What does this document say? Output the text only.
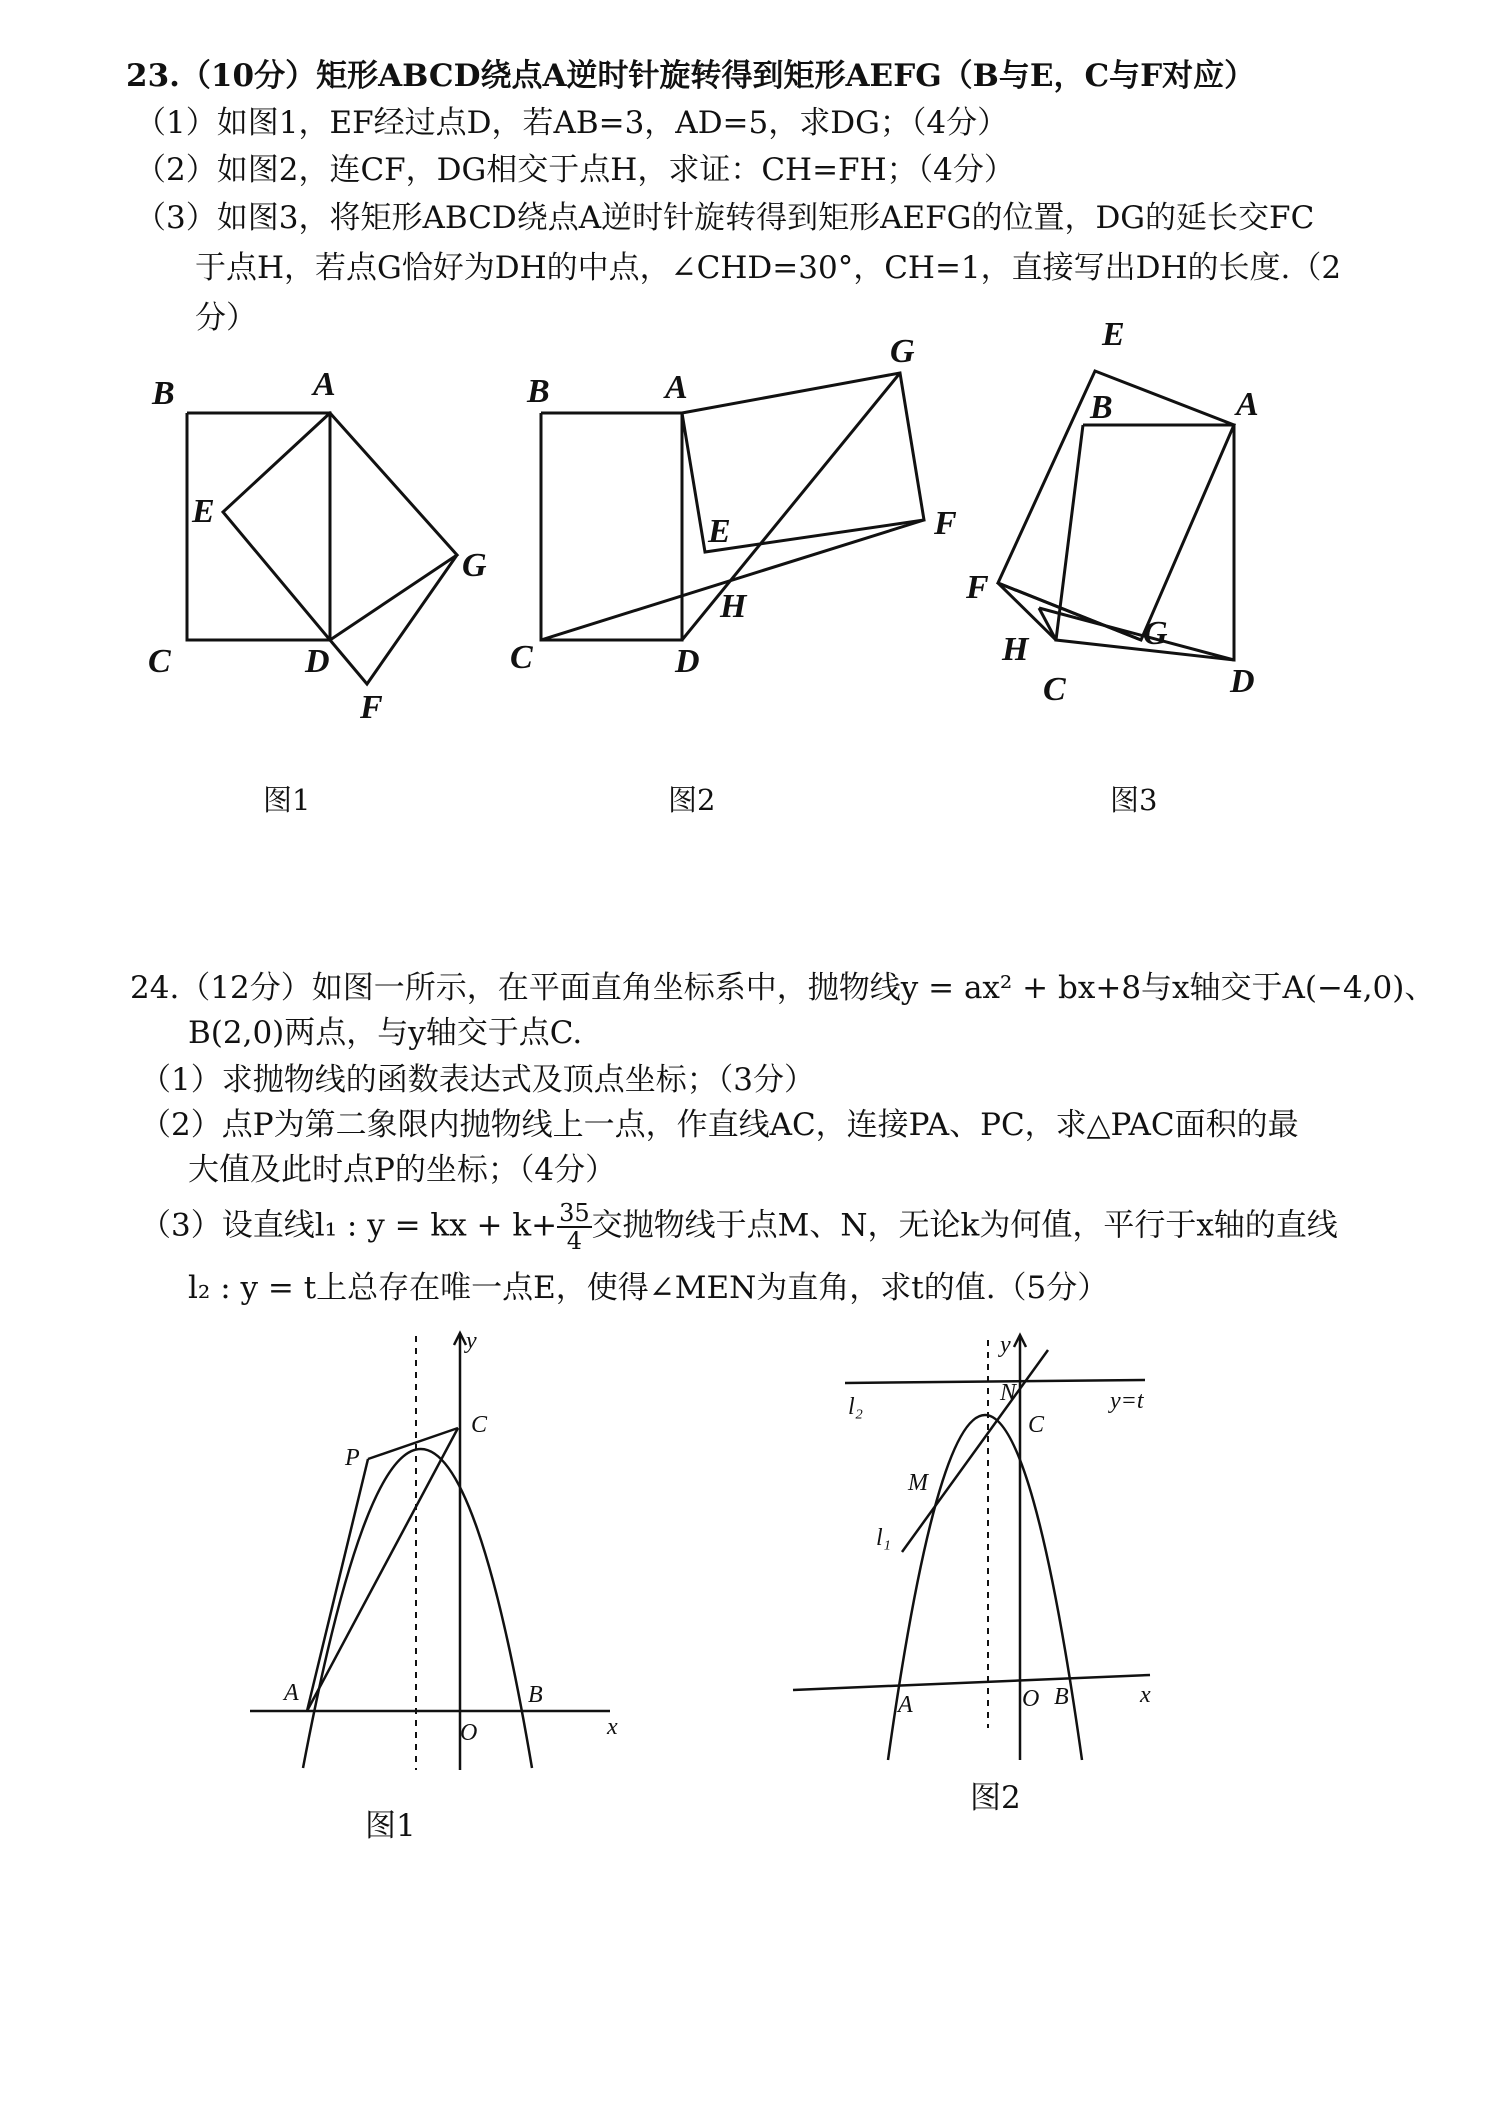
23.（10分）矩形ABCD绕点A逆时针旋转得到矩形AEFG（B与E，C与F对应）
（1）如图1，EF经过点D，若AB=3，AD=5，求DG；（4分）
（2）如图2，连CF，DG相交于点H，求证：CH=FH；（4分）
（3）如图3，将矩形ABCD绕点A逆时针旋转得到矩形AEFG的位置，DG的延长交FC
于点H，若点G恰好为DH的中点，∠CHD=30°，CH=1，直接写出DH的长度.（2
分）
B	A
E
G
C	D
F
B	A
G
E	F
H
C	D
E
B	A
F
G
H
C	D
图1	图2	图3
24.（12分）如图一所示，在平面直角坐标系中，抛物线y = ax² + bx+8与x轴交于A(−4,0)、
B(2,0)两点，与y轴交于点C.
（1）求抛物线的函数表达式及顶点坐标；（3分）
（2）点P为第二象限内抛物线上一点，作直线AC，连接PA、PC，求△PAC面积的最
大值及此时点P的坐标；（4分）
（3）设直线l₁ : y = kx + $k+ \frac{35}{4}$ 交抛物线于点M、N，无论k为何值，平行于x轴的直线
l₂ : y = t上总存在唯一点E，使得∠MEN为直角，求t的值.（5分）
y
C
P
A	B
O	x
y
N
l₂	y=t
C
M
l₁
A	O B	x
图1
图2
